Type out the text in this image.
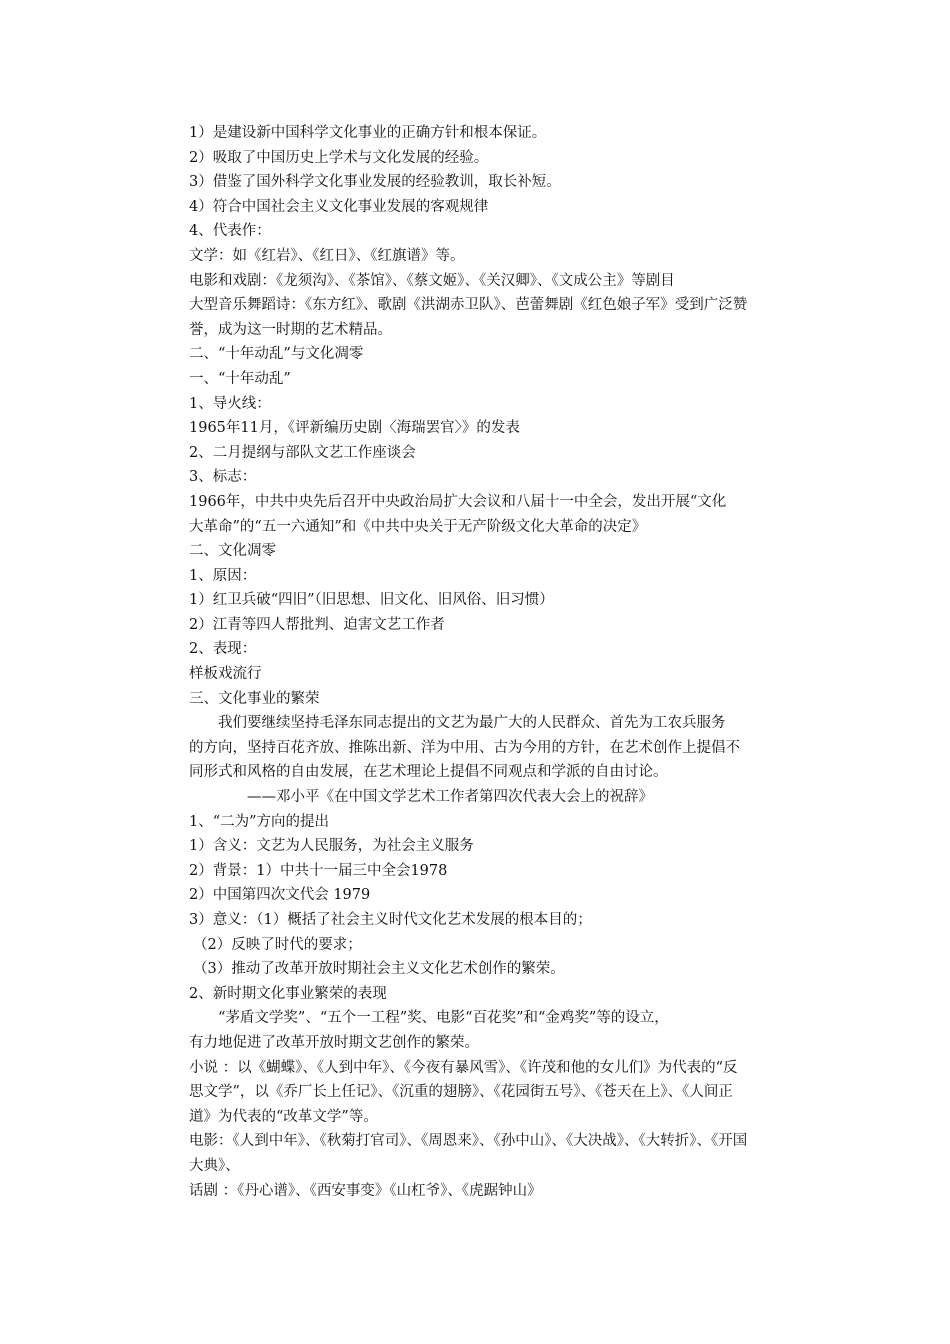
1）是建设新中国科学文化事业的正确方针和根本保证。
2）吸取了中国历史上学术与文化发展的经验。
3）借鉴了国外科学文化事业发展的经验教训，取长补短。
4）符合中国社会主义文化事业发展的客观规律
4、代表作：
文学：如《红岩》、《红日》、《红旗谱》等。
电影和戏剧：《龙须沟》、《茶馆》、《蔡文姬》、《关汉卿》、《文成公主》等剧目
大型音乐舞蹈诗：《东方红》、歌剧《洪湖赤卫队》、芭蕾舞剧《红色娘子军》受到广泛赞
誉，成为这一时期的艺术精品。
二、“十年动乱”与文化凋零
一、“十年动乱”
1、导火线：
1965年11月，《评新编历史剧〈海瑞罢官〉》的发表
2、二月提纲与部队文艺工作座谈会
3、标志：
1966年，中共中央先后召开中央政治局扩大会议和八届十一中全会，发出开展“文化
大革命”的“五一六通知”和《中共中央关于无产阶级文化大革命的决定》
二、文化凋零
1、原因：
1）红卫兵破“四旧”（旧思想、旧文化、旧风俗、旧习惯）
2）江青等四人帮批判、迫害文艺工作者
2、表现：
样板戏流行
三、文化事业的繁荣
我们要继续坚持毛泽东同志提出的文艺为最广大的人民群众、首先为工农兵服务
的方向，坚持百花齐放、推陈出新、洋为中用、古为今用的方针，在艺术创作上提倡不
同形式和风格的自由发展，在艺术理论上提倡不同观点和学派的自由讨论。
——邓小平《在中国文学艺术工作者第四次代表大会上的祝辞》
1、“二为”方向的提出
1）含义：文艺为人民服务，为社会主义服务
2）背景：1）中共十一届三中全会1978
2）中国第四次文代会 1979
3）意义：（1）概括了社会主义时代文化艺术发展的根本目的；
（2）反映了时代的要求；
（3）推动了改革开放时期社会主义文化艺术创作的繁荣。
2、新时期文化事业繁荣的表现
“茅盾文学奖”、“五个一工程”奖、电影“百花奖”和“金鸡奖”等的设立，
有力地促进了改革开放时期文艺创作的繁荣。
小说 ：以《蝴蝶》、《人到中年》、《今夜有暴风雪》、《许茂和他的女儿们》为代表的“反
思文学”，以《乔厂长上任记》、《沉重的翅膀》、《花园街五号》、《苍天在上》、《人间正
道》为代表的“改革文学”等。
电影：《人到中年》、《秋菊打官司》、《周恩来》、《孙中山》、《大决战》、《大转折》、《开国
大典》、
话剧 ：《丹心谱》、《西安事变》《山杠爷》、《虎踞钟山》
